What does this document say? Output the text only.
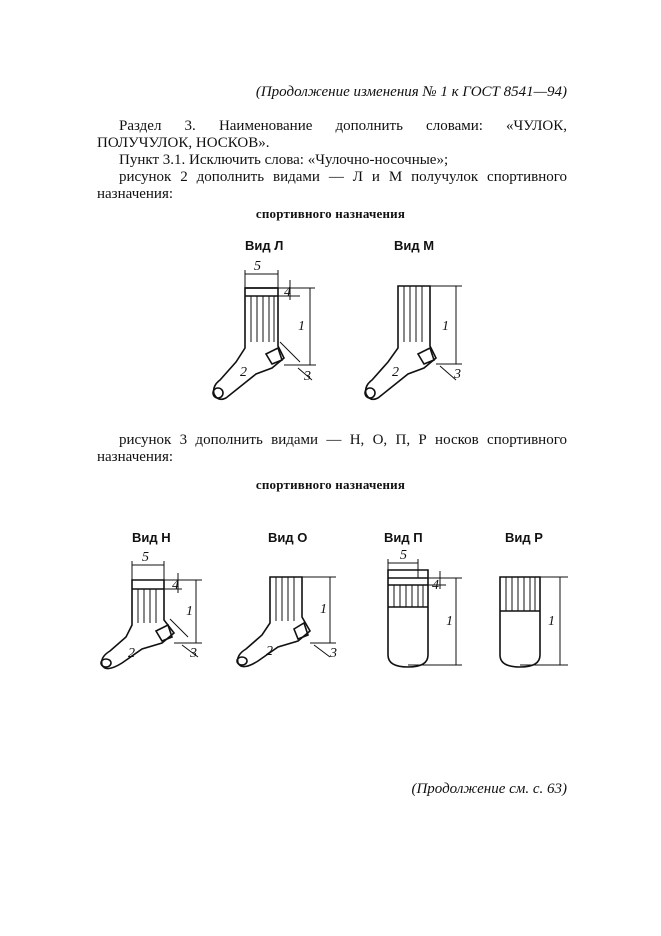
(Продолжение изменения № 1 к ГОСТ 8541—94)
Раздел 3. Наименование дополнить словами: «ЧУЛОК, ПОЛУЧУЛОК, НОСКОВ».
Пункт 3.1. Исключить слова: «Чулочно-носочные»;
рисунок 2 дополнить видами — Л и М получулок спортивного назначения:
спортивного назначения
Вид Л	Вид М
5
4
1
2	3
1
2	3
рисунок 3 дополнить видами — Н, О, П, Р носков спортивного назначения:
спортивного назначения
Вид Н	Вид О	Вид П	Вид Р
5
4
1
2	3
1
2	3
5
4
1	1
(Продолжение см. с. 63)
